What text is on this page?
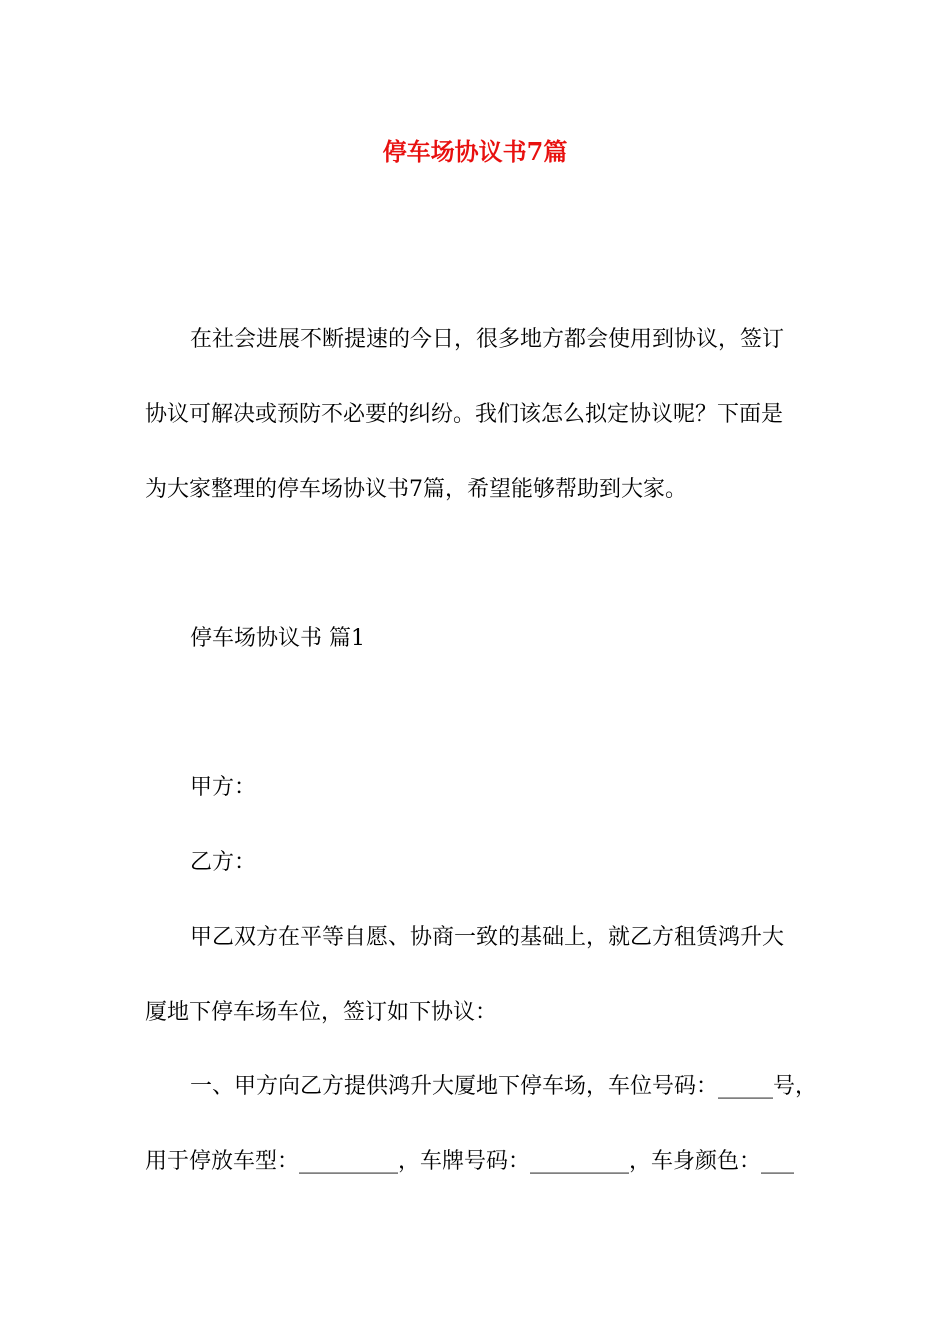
停车场协议书7篇

在社会进展不断提速的今日，很多地方都会使用到协议，签订

协议可解决或预防不必要的纠纷。我们该怎么拟定协议呢？下面是

为大家整理的停车场协议书7篇，希望能够帮助到大家。

停车场协议书 篇1

甲方：

乙方：

甲乙双方在平等自愿、协商一致的基础上，就乙方租赁鸿升大

厦地下停车场车位，签订如下协议：

一、甲方向乙方提供鸿升大厦地下停车场，车位号码：_____号，

用于停放车型：_________，车牌号码：_________，车身颜色：___
